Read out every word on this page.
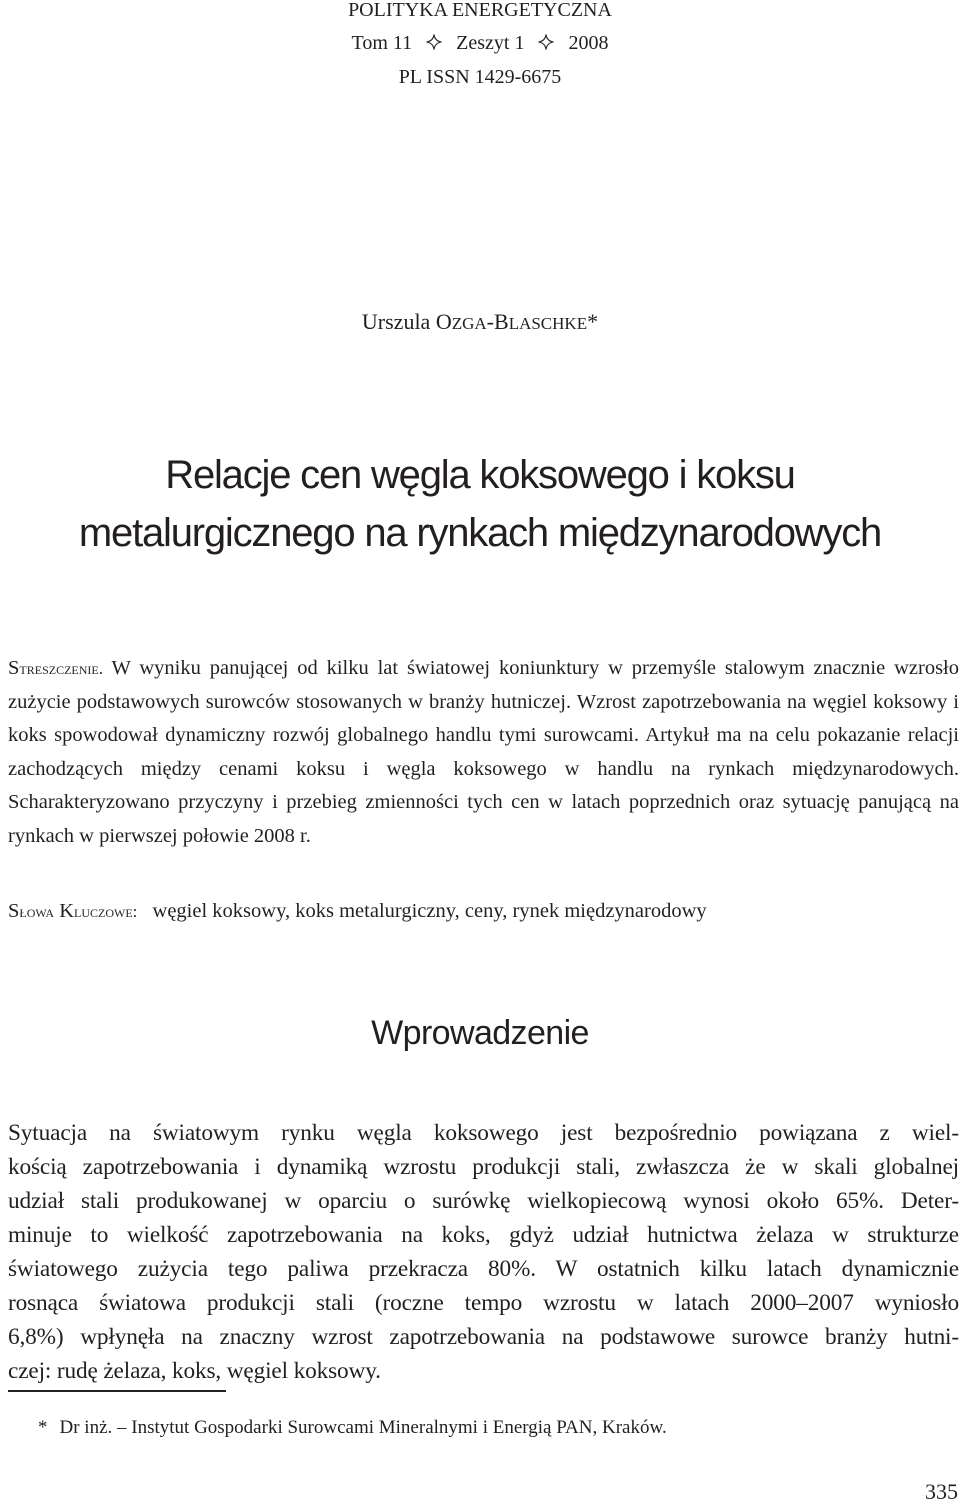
POLITYKA ENERGETYCZNA
Tom 11 Zeszyt 1 2008
PL ISSN 1429-6675
Urszula OZGA-BLASCHKE*
Relacje cen węgla koksowego i koksu
metalurgicznego na rynkach międzynarodowych
Streszczenie. W wyniku panującej od kilku lat światowej koniunktury w przemyśle stalowym znacznie wzrosło zużycie podstawowych surowców stosowanych w branży hutniczej. Wzrost zapotrzebowania na węgiel koksowy i koks spowodował dynamiczny rozwój globalnego handlu tymi surowcami. Artykuł ma na celu pokazanie relacji zachodzących między cenami koksu i węgla koksowego w handlu na rynkach międzynarodowych. Scharakteryzowano przyczyny i przebieg zmienności tych cen w latach poprzednich oraz sytuację panującą na rynkach w pierwszej połowie 2008 r.
Słowa Kluczowe: węgiel koksowy, koks metalurgiczny, ceny, rynek międzynarodowy
Wprowadzenie
Sytuacja na światowym rynku węgla koksowego jest bezpośrednio powiązana z wiel-
kością zapotrzebowania i dynamiką wzrostu produkcji stali, zwłaszcza że w skali globalnej
udział stali produkowanej w oparciu o surówkę wielkopiecową wynosi około 65%. Deter-
minuje to wielkość zapotrzebowania na koks, gdyż udział hutnictwa żelaza w strukturze
światowego zużycia tego paliwa przekracza 80%. W ostatnich kilku latach dynamicznie
rosnąca światowa produkcji stali (roczne tempo wzrostu w latach 2000–2007 wyniosło
6,8%) wpłynęła na znaczny wzrost zapotrzebowania na podstawowe surowce branży hutni-
czej: rudę żelaza, koks, węgiel koksowy.
* Dr inż. – Instytut Gospodarki Surowcami Mineralnymi i Energią PAN, Kraków.
335
